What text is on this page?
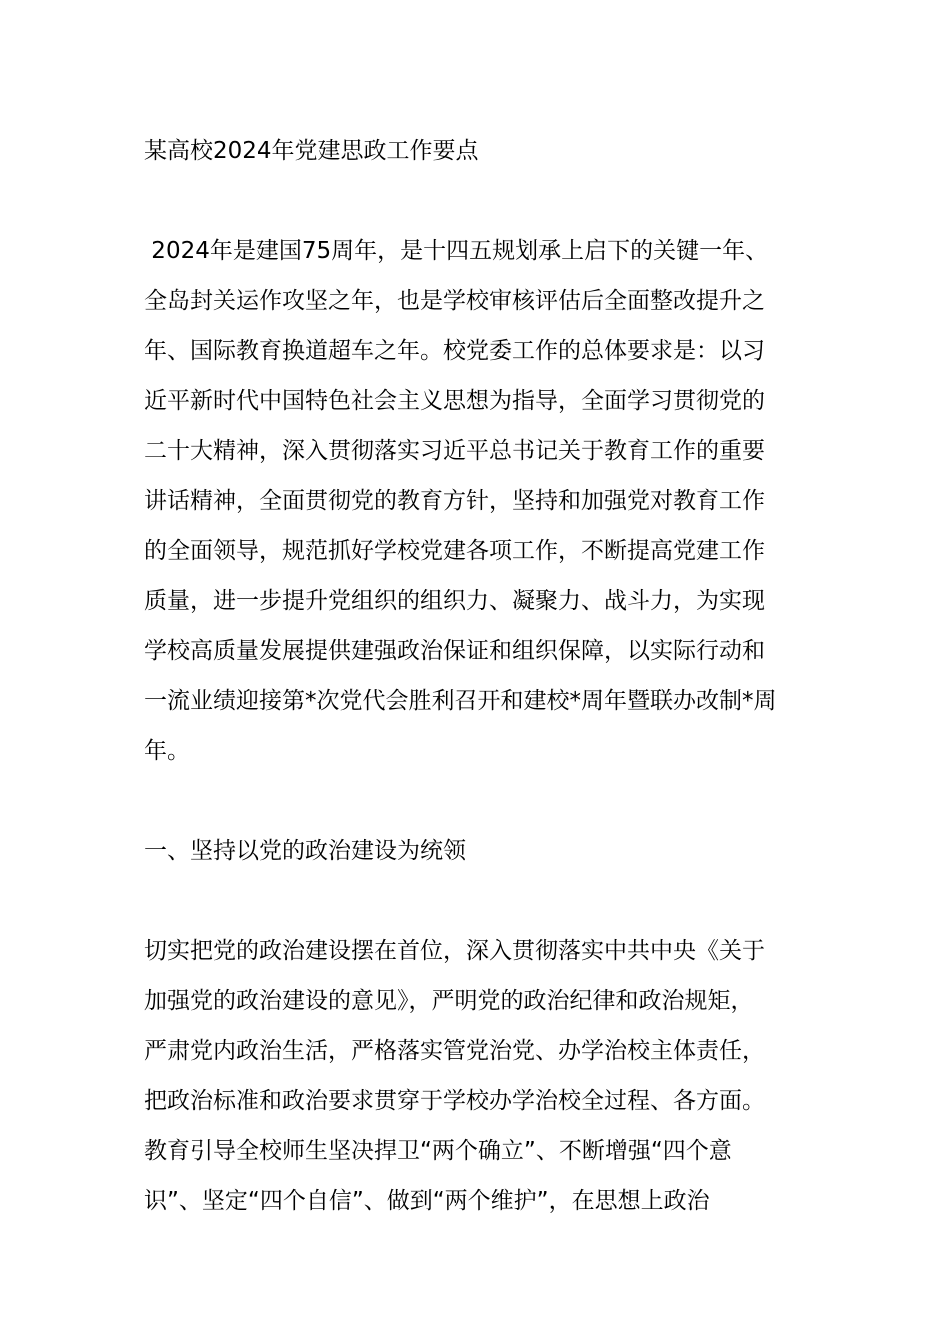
某高校2024年党建思政工作要点

2024年是建国75周年，是十四五规划承上启下的关键一年、
全岛封关运作攻坚之年，也是学校审核评估后全面整改提升之
年、国际教育换道超车之年。校党委工作的总体要求是：以习
近平新时代中国特色社会主义思想为指导，全面学习贯彻党的
二十大精神，深入贯彻落实习近平总书记关于教育工作的重要
讲话精神，全面贯彻党的教育方针，坚持和加强党对教育工作
的全面领导，规范抓好学校党建各项工作，不断提高党建工作
质量，进一步提升党组织的组织力、凝聚力、战斗力，为实现
学校高质量发展提供建强政治保证和组织保障，以实际行动和
一流业绩迎接第*次党代会胜利召开和建校*周年暨联办改制*周
年。

一、坚持以党的政治建设为统领

切实把党的政治建设摆在首位，深入贯彻落实中共中央《关于
加强党的政治建设的意见》，严明党的政治纪律和政治规矩，
严肃党内政治生活，严格落实管党治党、办学治校主体责任，
把政治标准和政治要求贯穿于学校办学治校全过程、各方面。
教育引导全校师生坚决捍卫“两个确立”、不断增强“四个意
识”、坚定“四个自信”、做到“两个维护”，在思想上政治
